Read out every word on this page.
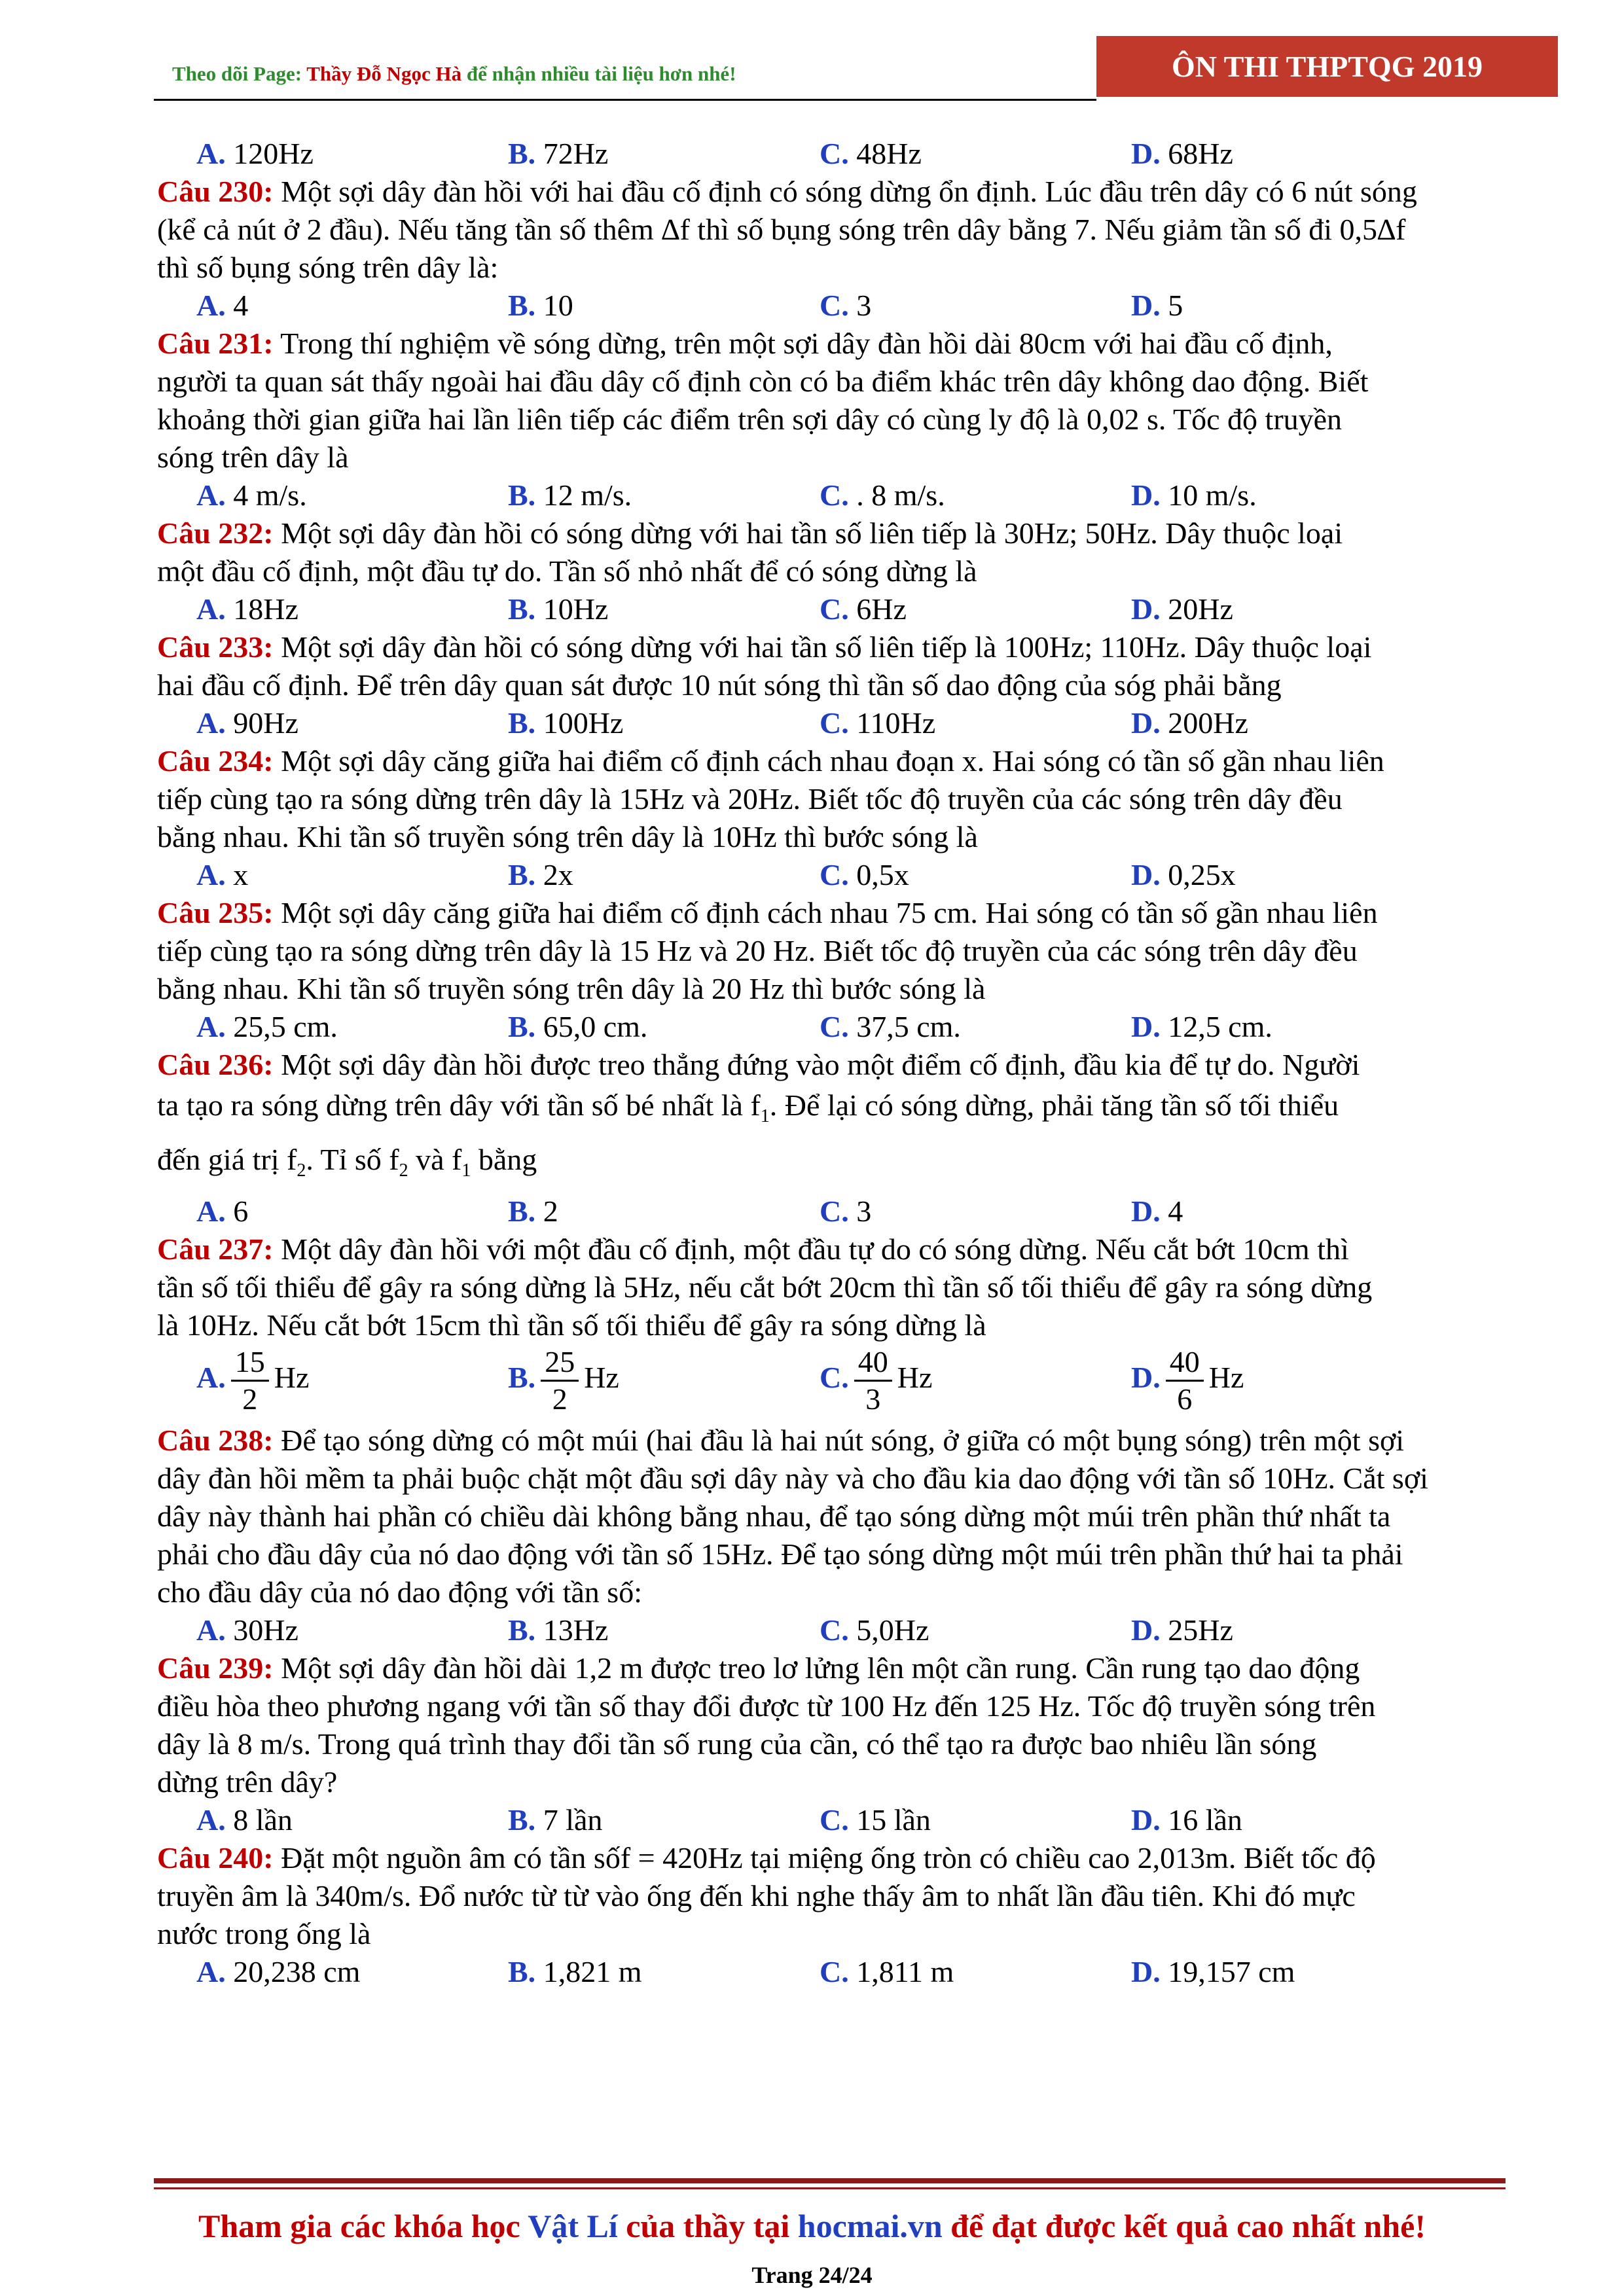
Theo dõi Page: Thầy Đỗ Ngọc Hà để nhận nhiều tài liệu hơn nhé!	ÔN THI THPTQG 2019
A. 120Hz	B. 72Hz	C. 48Hz	D. 68Hz
Câu 230: Một sợi dây đàn hồi với hai đầu cố định có sóng dừng ổn định. Lúc đầu trên dây có 6 nút sóng
(kể cả nút ở 2 đầu). Nếu tăng tần số thêm ∆f thì số bụng sóng trên dây bằng 7. Nếu giảm tần số đi 0,5∆f
thì số bụng sóng trên dây là:
A. 4	B. 10	C. 3	D. 5
Câu 231: Trong thí nghiệm về sóng dừng, trên một sợi dây đàn hồi dài 80cm với hai đầu cố định,
người ta quan sát thấy ngoài hai đầu dây cố định còn có ba điểm khác trên dây không dao động. Biết
khoảng thời gian giữa hai lần liên tiếp các điểm trên sợi dây có cùng ly độ là 0,02 s. Tốc độ truyền
sóng trên dây là
A. 4 m/s.	B. 12 m/s.	C. . 8 m/s.	D. 10 m/s.
Câu 232: Một sợi dây đàn hồi có sóng dừng với hai tần số liên tiếp là 30Hz; 50Hz. Dây thuộc loại
một đầu cố định, một đầu tự do. Tần số nhỏ nhất để có sóng dừng là
A. 18Hz	B. 10Hz	C. 6Hz	D. 20Hz
Câu 233: Một sợi dây đàn hồi có sóng dừng với hai tần số liên tiếp là 100Hz; 110Hz. Dây thuộc loại
hai đầu cố định. Để trên dây quan sát được 10 nút sóng thì tần số dao động của sóg phải bằng
A. 90Hz	B. 100Hz	C. 110Hz	D. 200Hz
Câu 234: Một sợi dây căng giữa hai điểm cố định cách nhau đoạn x. Hai sóng có tần số gần nhau liên
tiếp cùng tạo ra sóng dừng trên dây là 15Hz và 20Hz. Biết tốc độ truyền của các sóng trên dây đều
bằng nhau. Khi tần số truyền sóng trên dây là 10Hz thì bước sóng là
A. x	B. 2x	C. 0,5x	D. 0,25x
Câu 235: Một sợi dây căng giữa hai điểm cố định cách nhau 75 cm. Hai sóng có tần số gần nhau liên
tiếp cùng tạo ra sóng dừng trên dây là 15 Hz và 20 Hz. Biết tốc độ truyền của các sóng trên dây đều
bằng nhau. Khi tần số truyền sóng trên dây là 20 Hz thì bước sóng là
A. 25,5 cm.	B. 65,0 cm.	C. 37,5 cm.	D. 12,5 cm.
Câu 236: Một sợi dây đàn hồi được treo thẳng đứng vào một điểm cố định, đầu kia để tự do. Người
ta tạo ra sóng dừng trên dây với tần số bé nhất là $f_1$. Để lại có sóng dừng, phải tăng tần số tối thiểu
đến giá trị $f_2$. Tỉ số $f_2$ và $f_1$ bằng
A. 6	B. 2	C. 3	D. 4
Câu 237: Một dây đàn hồi với một đầu cố định, một đầu tự do có sóng dừng. Nếu cắt bớt 10cm thì
tần số tối thiểu để gây ra sóng dừng là 5Hz, nếu cắt bớt 20cm thì tần số tối thiểu để gây ra sóng dừng
là 10Hz. Nếu cắt bớt 15cm thì tần số tối thiểu để gây ra sóng dừng là
A. $\frac{15}{2}$ Hz	B. $\frac{25}{2}$ Hz	C. $\frac{40}{3}$ Hz	D. $\frac{40}{6}$ Hz
Câu 238: Để tạo sóng dừng có một múi (hai đầu là hai nút sóng, ở giữa có một bụng sóng) trên một sợi
dây đàn hồi mềm ta phải buộc chặt một đầu sợi dây này và cho đầu kia dao động với tần số 10Hz. Cắt sợi
dây này thành hai phần có chiều dài không bằng nhau, để tạo sóng dừng một múi trên phần thứ nhất ta
phải cho đầu dây của nó dao động với tần số 15Hz. Để tạo sóng dừng một múi trên phần thứ hai ta phải
cho đầu dây của nó dao động với tần số:
A. 30Hz	B. 13Hz	C. 5,0Hz	D. 25Hz
Câu 239: Một sợi dây đàn hồi dài 1,2 m được treo lơ lửng lên một cần rung. Cần rung tạo dao động
điều hòa theo phương ngang với tần số thay đổi được từ 100 Hz đến 125 Hz. Tốc độ truyền sóng trên
dây là 8 m/s. Trong quá trình thay đổi tần số rung của cần, có thể tạo ra được bao nhiêu lần sóng
dừng trên dây?
A. 8 lần	B. 7 lần	C. 15 lần	D. 16 lần
Câu 240: Đặt một nguồn âm có tần sốf = 420Hz tại miệng ống tròn có chiều cao 2,013m. Biết tốc độ
truyền âm là 340m/s. Đổ nước từ từ vào ống đến khi nghe thấy âm to nhất lần đầu tiên. Khi đó mực
nước trong ống là
A. 20,238 cm	B. 1,821 m	C. 1,811 m	D. 19,157 cm
Tham gia các khóa học Vật Lí của thầy tại hocmai.vn để đạt được kết quả cao nhất nhé!
Trang 24/24
